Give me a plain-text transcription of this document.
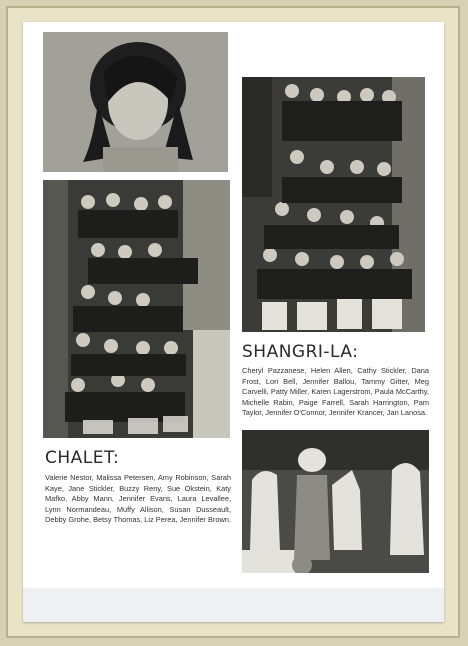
SHANGRI-LA:

Cheryl Pazzanese, Helen Allen, Cathy Stickler, Dana Frost, Lori Bell, Jennifer Ballou, Tammy Gitter, Meg Carvelli, Patty Miller, Karen Lagerstrom, Paula McCarthy, Michelle Rabin, Paige Farrell, Sarah Harrington, Pam Taylor, Jennifer O'Connor, Jennifer Krancer, Jan Lanosa.

CHALET:

Valerie Nestor, Malissa Petersen, Amy Robinson, Sarah Kaye, Jane Stickler, Buzzy Reny, Sue Okstein, Katy Mafko, Abby Mann, Jennifer Evans, Laura Levallee, Lynn Normandeau, Muffy Allison, Susan Dusseault, Debby Grohe, Betsy Thomas, Liz Perea, Jennifer Brown.
